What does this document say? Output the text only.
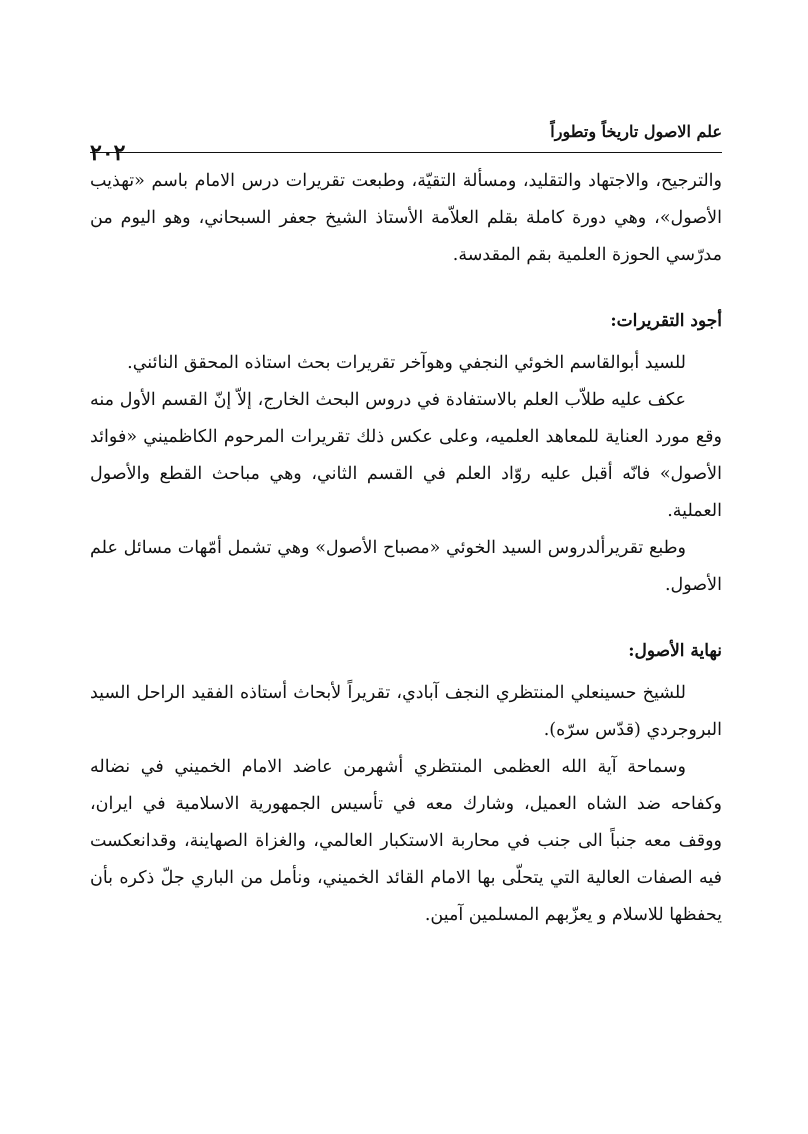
علم الاصول تاريخاً وتطوراً
٢٠٢

والترجيح، والاجتهاد والتقليد، ومسألة التقيّة، وطبعت تقريرات درس الامام باسم «تهذيب الأصول»، وهي دورة كاملة بقلم العلاّمة الأستاذ الشيخ جعفر السبحاني، وهو اليوم من مدرّسي الحوزة العلمية بقم المقدسة.

أجود التقريرات:

للسيد أبوالقاسم الخوئي النجفي وهوآخر تقريرات بحث استاذه المحقق النائني.

عكف عليه طلاّب العلم بالاستفادة في دروس البحث الخارج، إلاّ إنّ القسم الأول منه وقع مورد العناية للمعاهد العلميه، وعلى عكس ذلك تقريرات المرحوم الكاظميني «فوائد الأصول» فانّه أقبل عليه روّاد العلم في القسم الثاني، وهي مباحث القطع والأصول العملية.

وطبع تقريرألدروس السيد الخوئي «مصباح الأصول» وهي تشمل أمّهات مسائل علم الأصول.

نهاية الأصول:

للشيخ حسينعلي المنتظري النجف آبادي، تقريراً لأبحاث أستاذه الفقيد الراحل السيد البروجردي (قدّس سرّه).

وسماحة آية الله العظمى المنتظري أشهرمن عاضد الامام الخميني في نضاله وكفاحه ضد الشاه العميل، وشارك معه في تأسيس الجمهورية الاسلامية في ايران، ووقف معه جنباً الى جنب في محاربة الاستكبار العالمي، والغزاة الصهاينة، وقدانعكست فيه الصفات العالية التي يتحلّى بها الامام القائد الخميني، ونأمل من الباري جلّ ذكره بأن يحفظها للاسلام و يعزّبهم المسلمين آمين.
